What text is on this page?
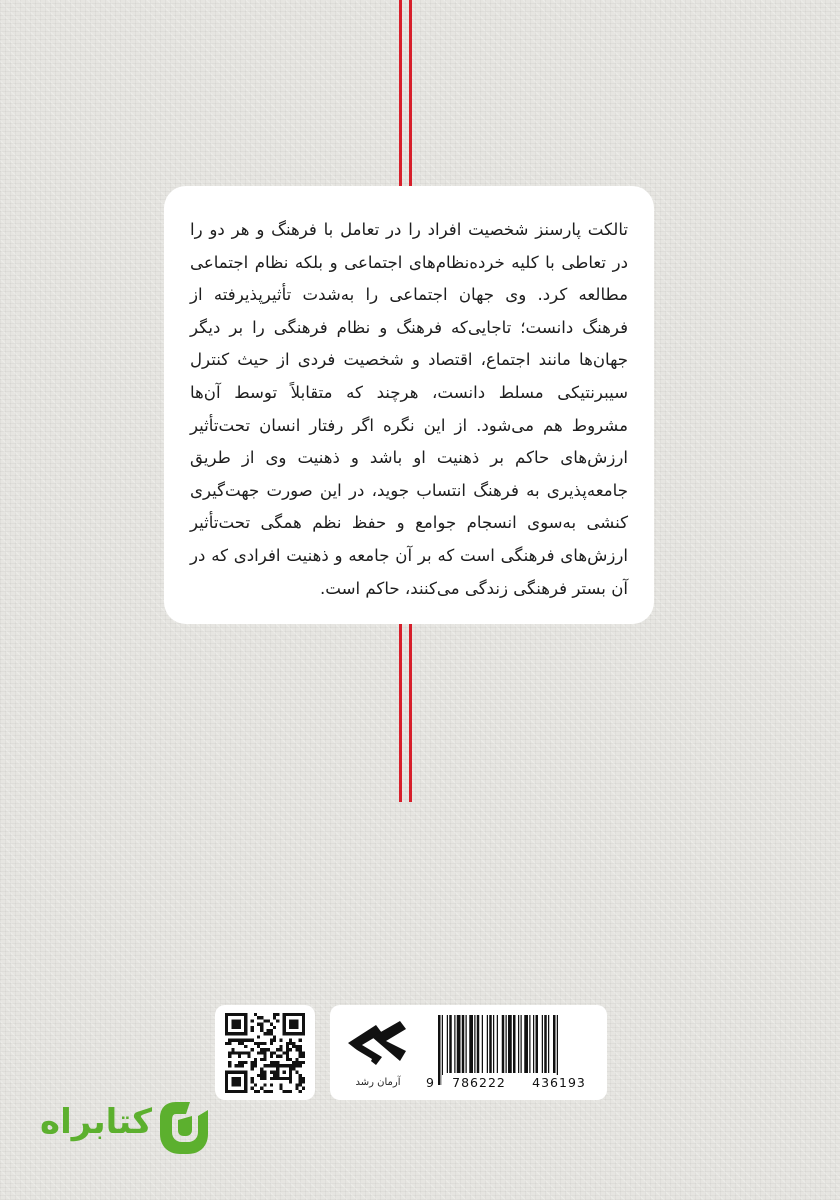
تالکت پارسنز شخصیت افراد را در تعامل با فرهنگ و هر دو را در تعاطی با کلیه خرده‌نظام‌های اجتماعی و بلکه نظام اجتماعی مطالعه کرد. وی جهان اجتماعی را به‌شدت تأثیرپذیرفته از فرهنگ دانست؛ تاجایی‌که فرهنگ و نظام فرهنگی را بر دیگر جهان‌ها مانند اجتماع، اقتصاد و شخصیت فردی از حیث کنترل سیبرنتیکی مسلط دانست، هرچند که متقابلاً توسط آن‌ها مشروط هم می‌شود. از این نگره اگر رفتار انسان تحت‌تأثیر ارزش‌های حاکم بر ذهنیت او باشد و ذهنیت وی از طریق جامعه‌پذیری به فرهنگ انتساب جوید، در این صورت جهت‌گیری کنشی به‌سوی انسجام جوامع و حفظ نظم همگی تحت‌تأثیر ارزش‌های فرهنگی است که بر آن جامعه و ذهنیت افرادی که در آن بستر فرهنگی زندگی می‌کنند، حاکم است.

آرمان رشد	9	786222	436193
کتابراه
